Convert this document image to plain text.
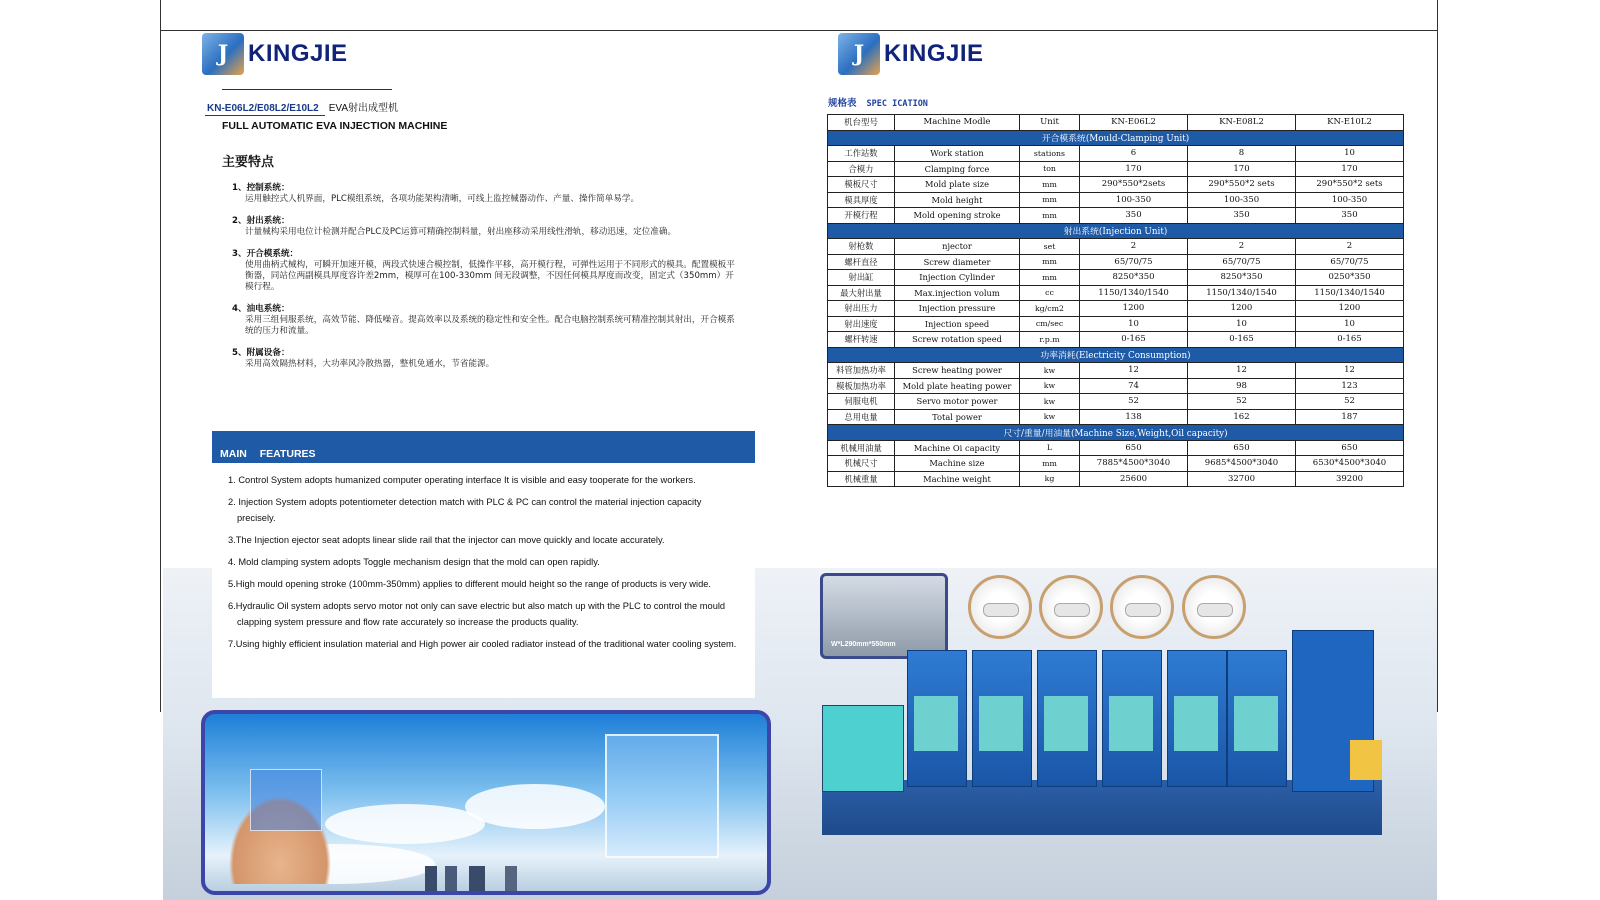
J KINGJIE
KN-E06L2/E08L2/E10L2 EVA射出成型机
FULL AUTOMATIC EVA INJECTION MACHINE
主要特点
1、控制系统：
运用触控式人机界面，PLC模组系统，各项功能架构清晰，可线上监控械器动作、产量、操作简单易学。
2、射出系统：
计量械构采用电位计检测并配合PLC及PC运算可精确控制料量，射出座移动采用线性滑轨，移动迅速，定位准确。
3、开合模系统：
使用曲柄式械构，可瞬开加速开模，两段式快速合模控制，低操作平移，高开模行程，可弹性运用于不同形式的模具。配置模板平衡器，同站位两副模具厚度容许差2mm，模厚可在100-330mm 间无段调整，不因任何模具厚度而改变，固定式（350mm）开模行程。
4、油电系统：
采用三组伺服系统，高效节能、降低噪音。提高效率以及系统的稳定性和安全性。配合电脑控制系统可精准控制其射出，开合模系统的压力和流量。
5、附属设备：
采用高效隔热材料，大功率风冷散热器，整机免通水，节省能源。
MAIN FEATURES
1. Control System adopts humanized computer operating interface It is visible and easy tooperate for the workers.
2. Injection System adopts potentiometer detection match with PLC & PC can control the material injection capacity precisely.
3.The Injection ejector seat adopts linear slide rail that the injector can move quickly and locate accurately.
4. Mold clamping system adopts Toggle mechanism design that the mold can open rapidly.
5.High mould opening stroke (100mm-350mm) applies to different mould height so the range of products is very wide.
6.Hydraulic Oil system adopts servo motor not only can save electric but also match up with the PLC to control the mould clapping system pressure and flow rate accurately so increase the products quality.
7.Using highly efficient insulation material and High power air cooled radiator instead of the traditional water cooling system.
J KINGJIE
规格表 SPEC ICATION
机台型号	Machine Modle	Unit	KN-E06L2	KN-E08L2	KN-E10L2
开合模系统(Mould-Clamping Unit)					
工作站数	Work station	stations	6	8	10
合模力	Clamping force	ton	170	170	170
模板尺寸	Mold plate size	mm	290*550*2sets	290*550*2 sets	290*550*2 sets
模具厚度	Mold height	mm	100-350	100-350	100-350
开模行程	Mold opening stroke	mm	350	350	350
射出系统(Injection Unit)					
射枪数	njector	set	2	2	2
螺杆直径	Screw diameter	mm	65/70/75	65/70/75	65/70/75
射出缸	Injection Cylinder	mm	8250*350	8250*350	0250*350
最大射出量	Max.injection volum	cc	1150/1340/1540	1150/1340/1540	1150/1340/1540
射出压力	Injection pressure	kg/cm2	1200	1200	1200
射出速度	Injection speed	cm/sec	10	10	10
螺杆转速	Screw rotation speed	r.p.m	0-165	0-165	0-165
功率消耗(Electricity Consumption)					
料管加热功率	Screw heating power	kw	12	12	12
模板加热功率	Mold plate heating power	kw	74	98	123
伺服电机	Servo motor power	kw	52	52	52
总用电量	Total power	kw	138	162	187
尺寸/重量/用油量(Machine Size,Weight,Oil capacity)					
机械用油量	Machine Oi capacity	L	650	650	650
机械尺寸	Machine size	mm	7885*4500*3040	9685*4500*3040	6530*4500*3040
机械重量	Machine weight	kg	25600	32700	39200
W*L290mm*550mm
